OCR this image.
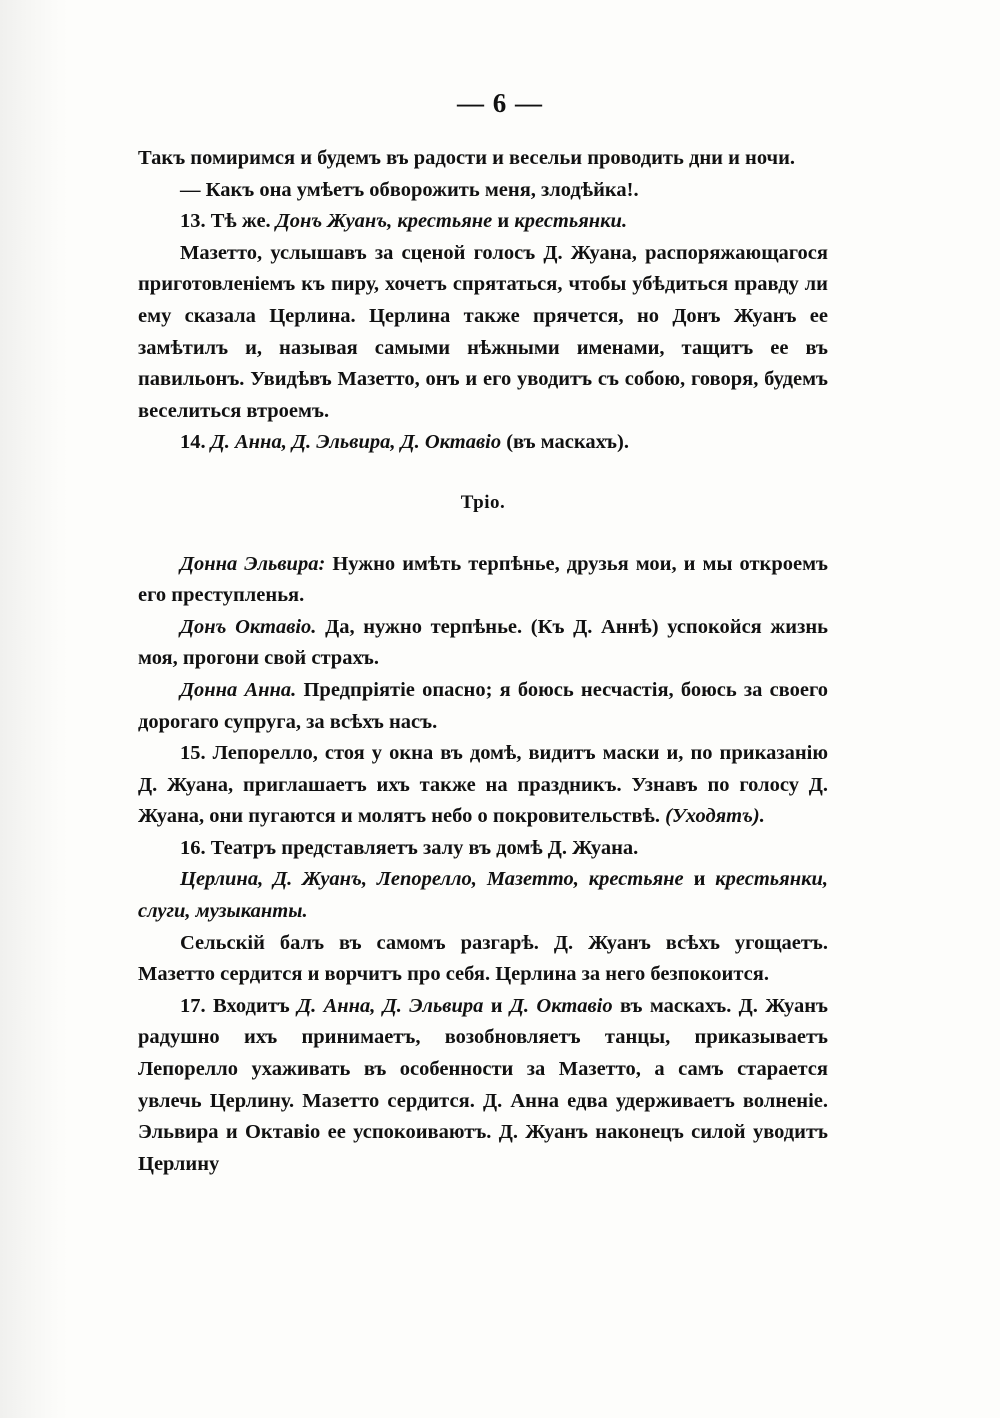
— 6 —

Такъ помиримся и будемъ въ радости и весельи проводить дни и ночи.

— Какъ она умѣетъ обворожить меня, злодѣйка!.

13. Тѣ же. Донъ Жуанъ, крестьяне и крестьянки.

Мазетто, услышавъ за сценой голосъ Д. Жуана, распоряжающагося приготовленіемъ къ пиру, хочетъ спрятаться, чтобы убѣдиться правду ли ему сказала Церлина. Церлина также прячется, но Донъ Жуанъ ее замѣтилъ и, называя самыми нѣжными именами, тащитъ ее въ павильонъ. Увидѣвъ Мазетто, онъ и его уводитъ съ собою, говоря, будемъ веселиться втроемъ.

14. Д. Анна, Д. Эльвира, Д. Октавіо (въ маскахъ).

Тріо.

Донна Эльвира: Нужно имѣть терпѣнье, друзья мои, и мы откроемъ его преступленья.

Донъ Октавіо. Да, нужно терпѣнье. (Къ Д. Аннѣ) успокойся жизнь моя, прогони свой страхъ.

Донна Анна. Предпріятіе опасно; я боюсь несчастія, боюсь за своего дорогаго супруга, за всѣхъ насъ.

15. Лепорелло, стоя у окна въ домѣ, видитъ маски и, по приказанію Д. Жуана, приглашаетъ ихъ также на праздникъ. Узнавъ по голосу Д. Жуана, они пугаются и молятъ небо о покровительствѣ. (Уходятъ).

16. Театръ представляетъ залу въ домѣ Д. Жуана.

Церлина, Д. Жуанъ, Лепорелло, Мазетто, крестьяне и крестьянки, слуги, музыканты.

Сельскій балъ въ самомъ разгарѣ. Д. Жуанъ всѣхъ угощаетъ. Мазетто сердится и ворчитъ про себя. Церлина за него безпокоится.

17. Входитъ Д. Анна, Д. Эльвира и Д. Октавіо въ маскахъ. Д. Жуанъ радушно ихъ принимаетъ, возобновляетъ танцы, приказываетъ Лепорелло ухаживать въ особенности за Мазетто, а самъ старается увлечь Церлину. Мазетто сердится. Д. Анна едва удерживаетъ волненіе. Эльвира и Октавіо ее успокоиваютъ. Д. Жуанъ наконецъ силой уводитъ Церлину
